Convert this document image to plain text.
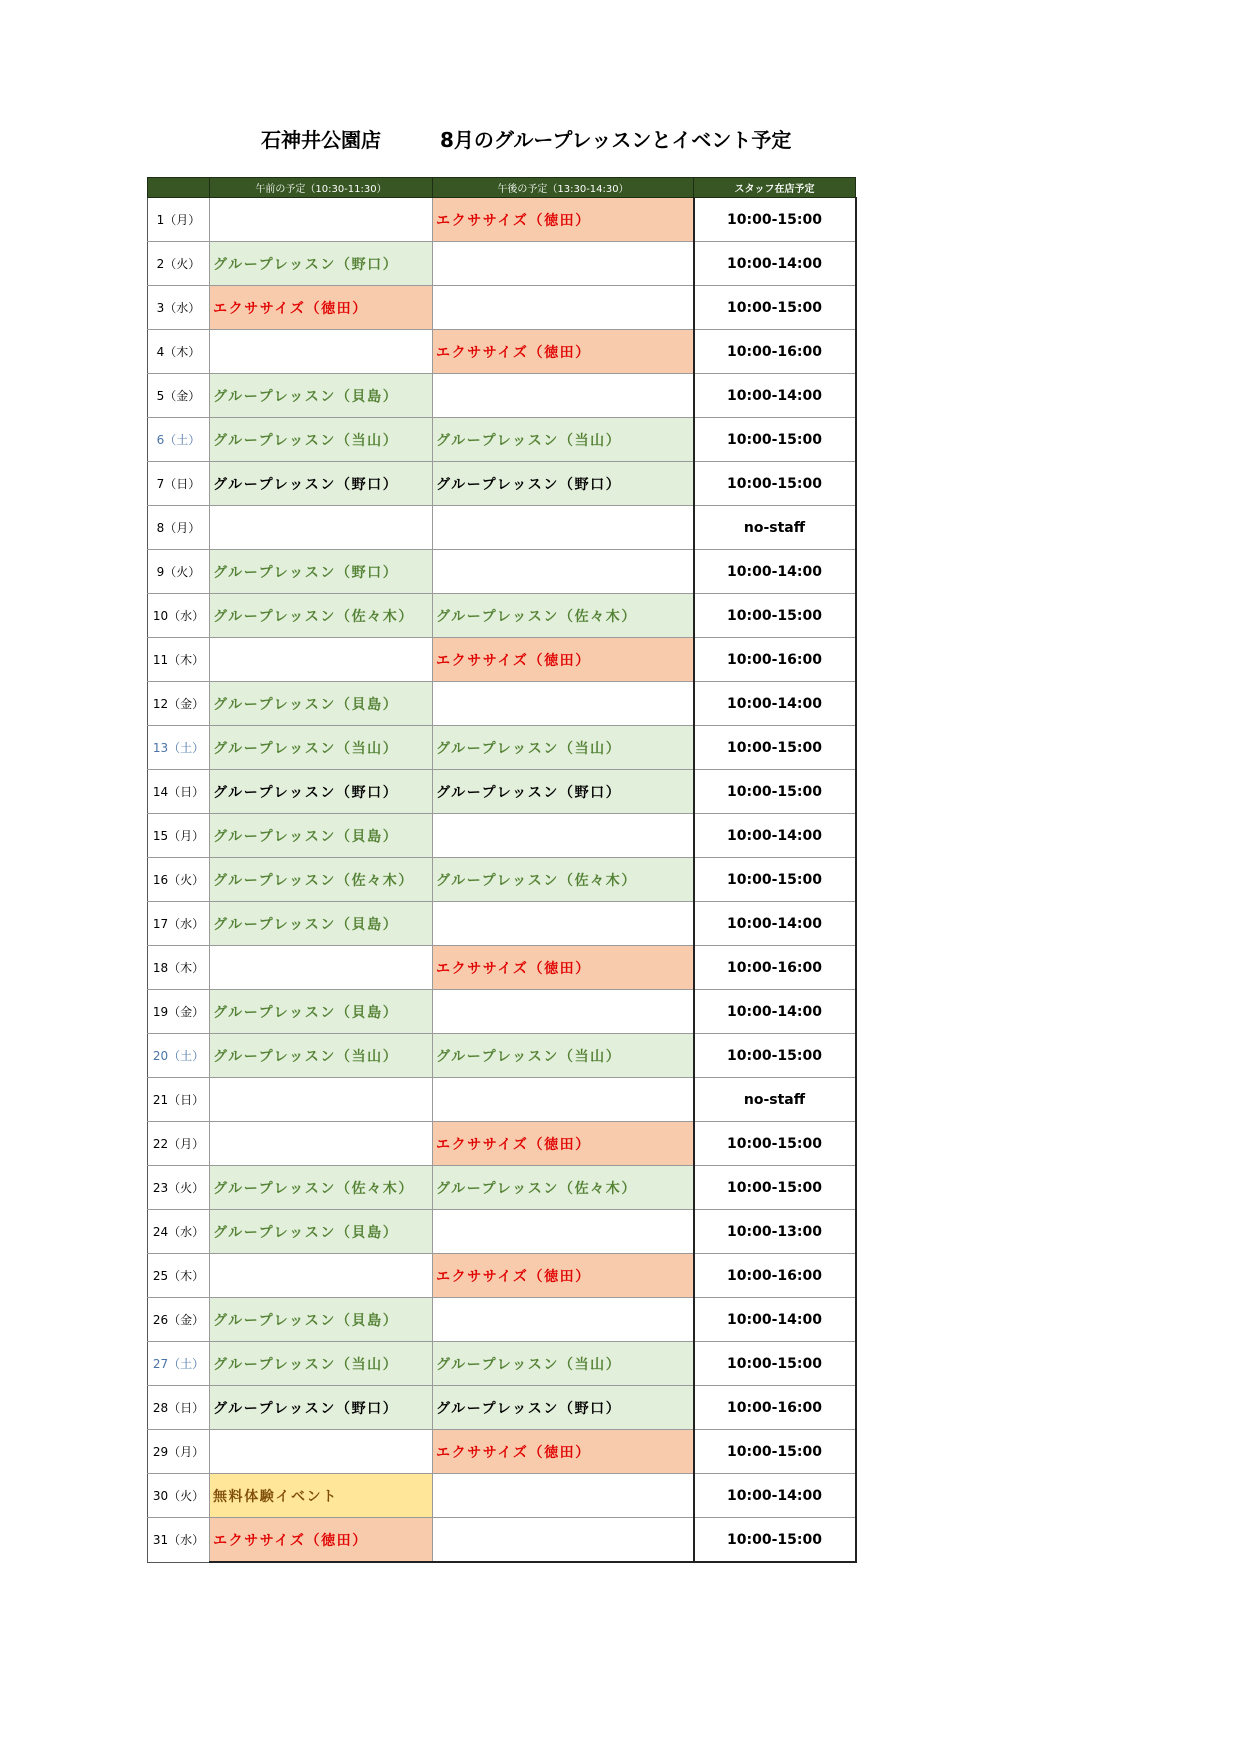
石神井公園店	8月のグループレッスンとイベント予定
	午前の予定（10:30-11:30）	午後の予定（13:30-14:30）	スタッフ在店予定
1（月）		エクササイズ（徳田）	10:00-15:00
2（火）	グループレッスン（野口）		10:00-14:00
3（水）	エクササイズ（徳田）		10:00-15:00
4（木）		エクササイズ（徳田）	10:00-16:00
5（金）	グループレッスン（貝島）		10:00-14:00
6（土）	グループレッスン（当山）	グループレッスン（当山）	10:00-15:00
7（日）	グループレッスン（野口）	グループレッスン（野口）	10:00-15:00
8（月）			no-staff
9（火）	グループレッスン（野口）		10:00-14:00
10（水）	グループレッスン（佐々木）	グループレッスン（佐々木）	10:00-15:00
11（木）		エクササイズ（徳田）	10:00-16:00
12（金）	グループレッスン（貝島）		10:00-14:00
13（土）	グループレッスン（当山）	グループレッスン（当山）	10:00-15:00
14（日）	グループレッスン（野口）	グループレッスン（野口）	10:00-15:00
15（月）	グループレッスン（貝島）		10:00-14:00
16（火）	グループレッスン（佐々木）	グループレッスン（佐々木）	10:00-15:00
17（水）	グループレッスン（貝島）		10:00-14:00
18（木）		エクササイズ（徳田）	10:00-16:00
19（金）	グループレッスン（貝島）		10:00-14:00
20（土）	グループレッスン（当山）	グループレッスン（当山）	10:00-15:00
21（日）			no-staff
22（月）		エクササイズ（徳田）	10:00-15:00
23（火）	グループレッスン（佐々木）	グループレッスン（佐々木）	10:00-15:00
24（水）	グループレッスン（貝島）		10:00-13:00
25（木）		エクササイズ（徳田）	10:00-16:00
26（金）	グループレッスン（貝島）		10:00-14:00
27（土）	グループレッスン（当山）	グループレッスン（当山）	10:00-15:00
28（日）	グループレッスン（野口）	グループレッスン（野口）	10:00-16:00
29（月）		エクササイズ（徳田）	10:00-15:00
30（火）	無料体験イベント		10:00-14:00
31（水）	エクササイズ（徳田）		10:00-15:00
